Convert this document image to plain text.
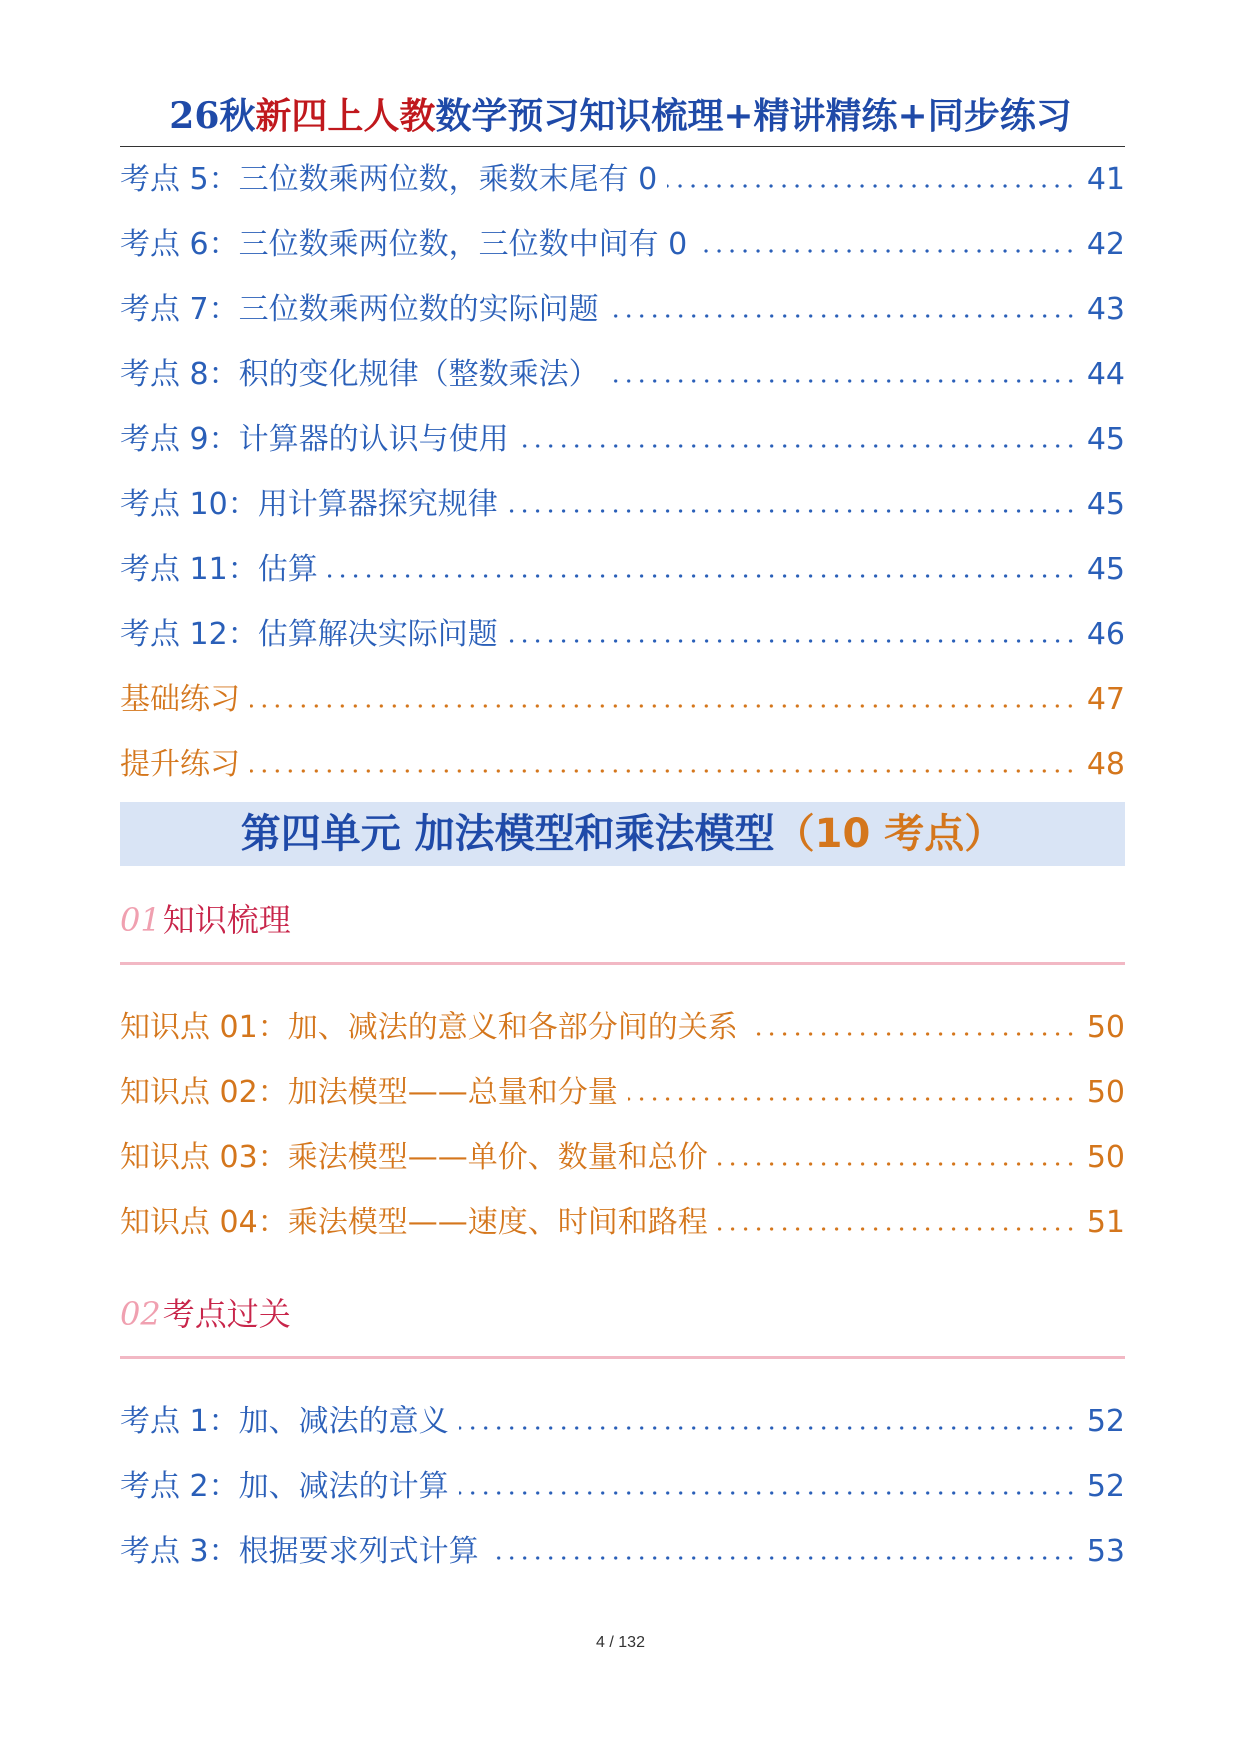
26秋新四上人教数学预习知识梳理+精讲精练+同步练习
考点 5：三位数乘两位数，乘数末尾有 0	41
考点 6：三位数乘两位数，三位数中间有 0	42
考点 7：三位数乘两位数的实际问题	43
考点 8：积的变化规律（整数乘法）	44
考点 9：计算器的认识与使用	45
考点 10：用计算器探究规律	45
考点 11：估算	45
考点 12：估算解决实际问题	46
基础练习	47
提升练习	48
第四单元 加法模型和乘法模型（10 考点）
01知识梳理
知识点 01：加、减法的意义和各部分间的关系	50
知识点 02：加法模型——总量和分量	50
知识点 03：乘法模型——单价、数量和总价	50
知识点 04：乘法模型——速度、时间和路程	51
02考点过关
考点 1：加、减法的意义	52
考点 2：加、减法的计算	52
考点 3：根据要求列式计算	53
4 / 132
